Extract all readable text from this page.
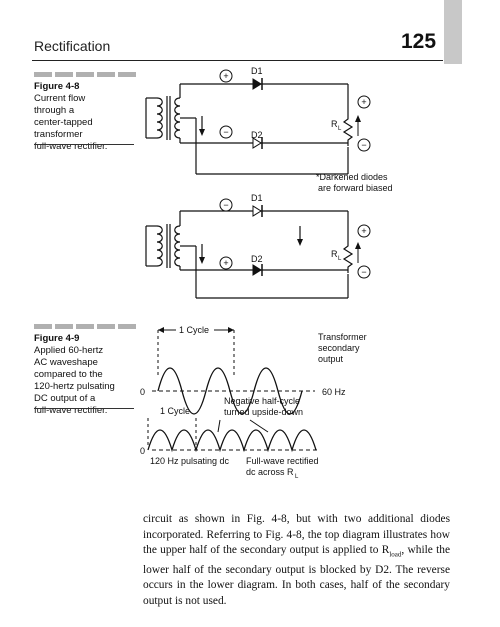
Rectification	125
Figure 4-8
Current flow
through a
center-tapped
transformer
full-wave rectifier.
Figure 4-9
Applied 60-hertz
AC waveshape
compared to the
120-hertz pulsating
DC output of a
full-wave rectifier.
+
−
+
−
D1
D2
R L
*Darkened diodes
are forward biased
−
+
+
−
D1
D2	R L
1 Cycle
0
Transformer
secondary
output
60 Hz
1 Cycle
Negative half-cycle
turned upside-down
0
120 Hz pulsating dc Full-wave rectified
dc across R L

circuit as shown in Fig. 4-8, but with two additional diodes incorporated. Referring to Fig. 4-8, the top diagram illustrates how the upper half of the secondary output is applied to $R_{load}$, while the lower half of the secondary output is blocked by D2. The reverse occurs in the lower diagram. In both cases, half of the secondary output is not used.
